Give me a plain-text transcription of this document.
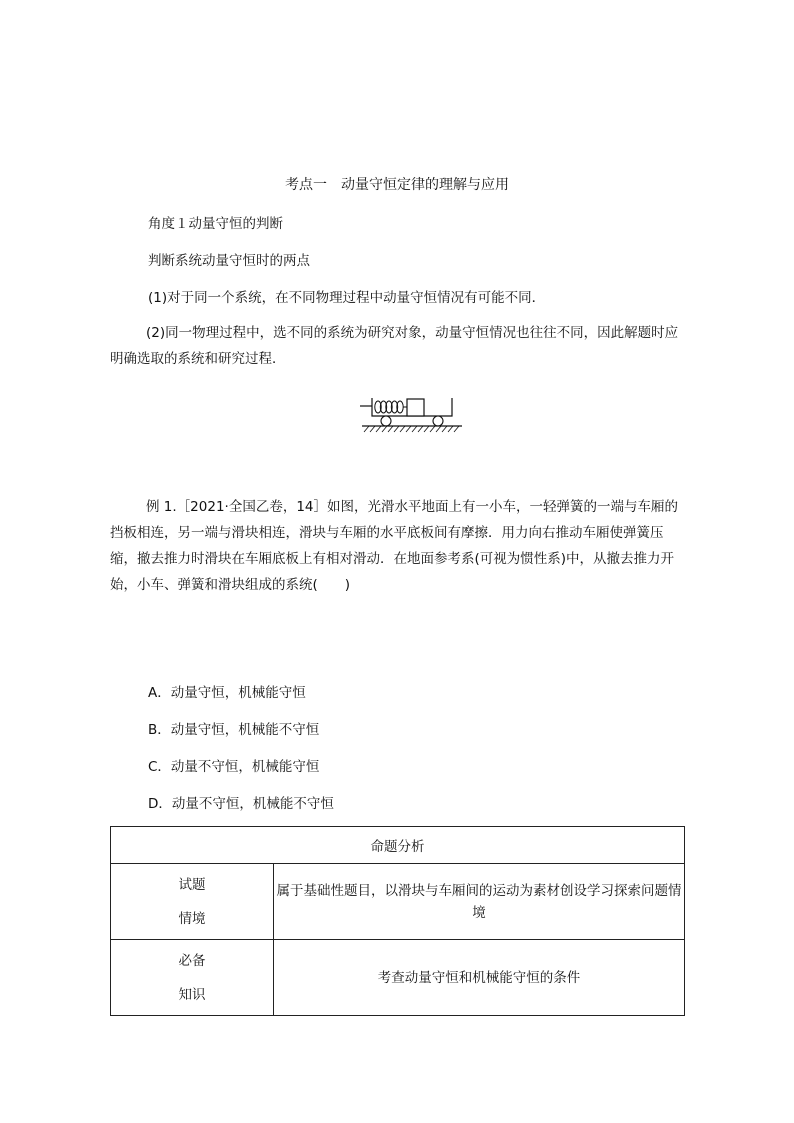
考点一　动量守恒定律的理解与应用
角度１动量守恒的判断
判断系统动量守恒时的两点
(1)对于同一个系统，在不同物理过程中动量守恒情况有可能不同．
(2)同一物理过程中，选不同的系统为研究对象，动量守恒情况也往往不同，因此解题时应明确选取的系统和研究过程．
例 1.［2021·全国乙卷，14］如图，光滑水平地面上有一小车，一轻弹簧的一端与车厢的挡板相连，另一端与滑块相连，滑块与车厢的水平底板间有摩擦．用力向右推动车厢使弹簧压缩，撤去推力时滑块在车厢底板上有相对滑动．在地面参考系(可视为惯性系)中，从撤去推力开始，小车、弹簧和滑块组成的系统(　　)
A．动量守恒，机械能守恒
B．动量守恒，机械能不守恒
C．动量不守恒，机械能守恒
D．动量不守恒，机械能不守恒
命题分析	

试题
情境	属于基础性题目，以滑块与车厢间的运动为素材创设学习探索问题情境

必备
知识	考查动量守恒和机械能守恒的条件
